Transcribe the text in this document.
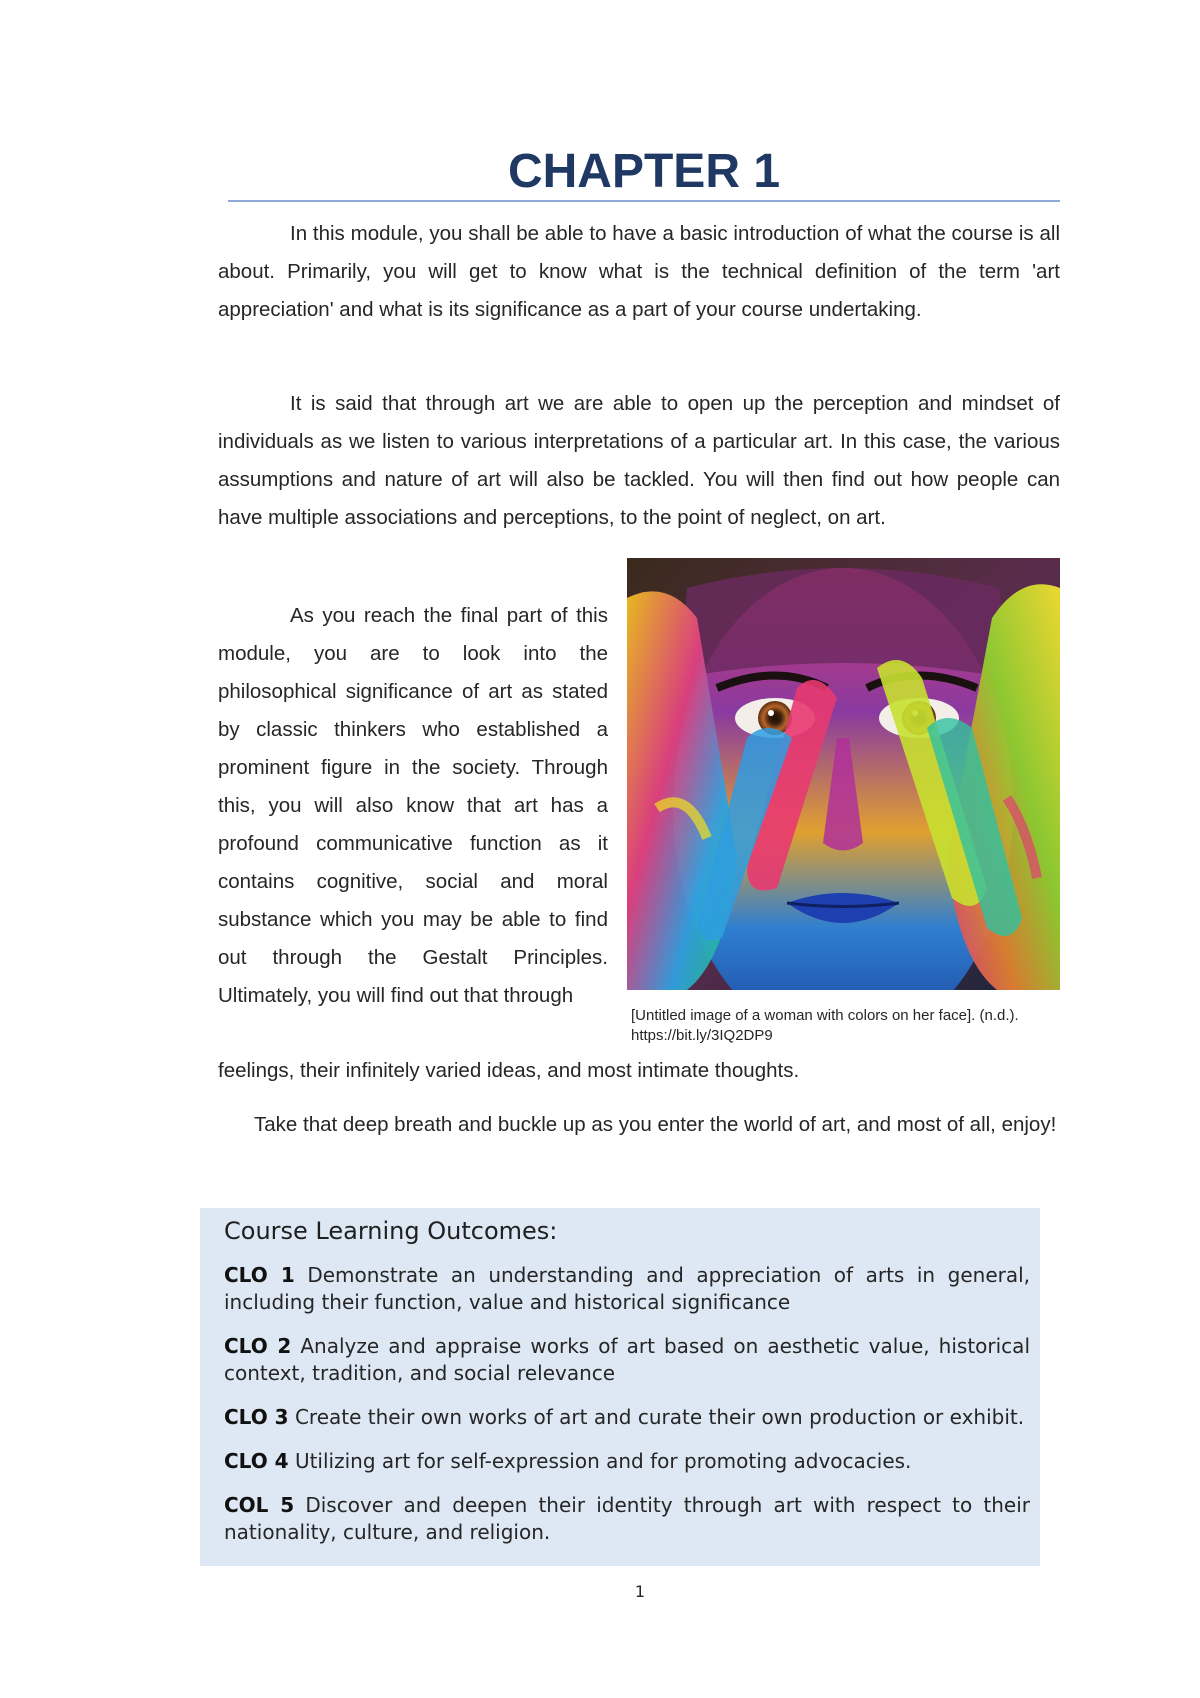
CHAPTER 1

In this module, you shall be able to have a basic introduction of what the course is all about. Primarily, you will get to know what is the technical definition of the term 'art appreciation' and what is its significance as a part of your course undertaking.

It is said that through art we are able to open up the perception and mindset of individuals as we listen to various interpretations of a particular art. In this case, the various assumptions and nature of art will also be tackled. You will then find out how people can have multiple associations and perceptions, to the point of neglect, on art.

As you reach the final part of this module, you are to look into the philosophical significance of art as stated by classic thinkers who established a prominent figure in the society. Through this, you will also know that art has a profound communicative function as it contains cognitive, social and moral substance which you may be able to find out through the Gestalt Principles. Ultimately, you will find out that through

feelings, their infinitely varied ideas, and most intimate thoughts.

Take that deep breath and buckle up as you enter the world of art, and most of all, enjoy!

[Untitled image of a woman with colors on her face]. (n.d.). https://bit.ly/3IQ2DP9

Course Learning Outcomes:
CLO 1 Demonstrate an understanding and appreciation of arts in general, including their function, value and historical significance
CLO 2 Analyze and appraise works of art based on aesthetic value, historical context, tradition, and social relevance
CLO 3 Create their own works of art and curate their own production or exhibit.
CLO 4 Utilizing art for self-expression and for promoting advocacies.
COL 5 Discover and deepen their identity through art with respect to their nationality, culture, and religion.

1
